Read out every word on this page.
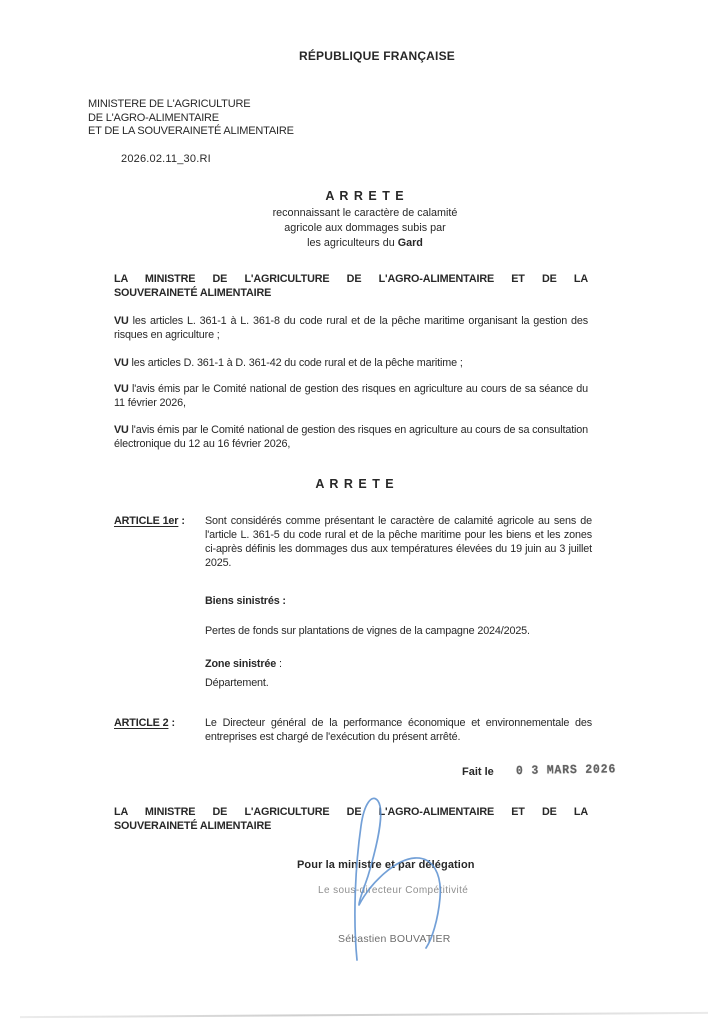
RÉPUBLIQUE FRANÇAISE
MINISTERE DE L'AGRICULTURE
DE L'AGRO-ALIMENTAIRE
ET DE LA SOUVERAINETÉ ALIMENTAIRE
2026.02.11_30.RI
A R R E T E
reconnaissant le caractère de calamité
agricole aux dommages subis par
les agriculteurs du Gard
LA MINISTRE DE L'AGRICULTURE DE L'AGRO-ALIMENTAIRE ET DE LA
SOUVERAINETÉ ALIMENTAIRE
VU les articles L. 361-1 à L. 361-8 du code rural et de la pêche maritime organisant la gestion des risques en agriculture ;
VU les articles D. 361-1 à D. 361-42 du code rural et de la pêche maritime ;
VU l'avis émis par le Comité national de gestion des risques en agriculture au cours de sa séance du 11 février 2026,
VU l'avis émis par le Comité national de gestion des risques en agriculture au cours de sa consultation électronique du 12 au 16 février 2026,
A R R E T E
ARTICLE 1er :	Sont considérés comme présentant le caractère de calamité agricole au sens de l'article L. 361-5 du code rural et de la pêche maritime pour les biens et les zones ci-après définis les dommages dus aux températures élevées du 19 juin au 3 juillet 2025.
Biens sinistrés :
Pertes de fonds sur plantations de vignes de la campagne 2024/2025.
Zone sinistrée :
Département.
ARTICLE 2 :	Le Directeur général de la performance économique et environnementale des entreprises est chargé de l'exécution du présent arrêté.
Fait le 0 3 MARS 2026
LA MINISTRE DE L'AGRICULTURE DE L'AGRO-ALIMENTAIRE ET DE LA
SOUVERAINETÉ ALIMENTAIRE
Pour la ministre et par délégation
Le sous-directeur Compétitivité
Sébastien BOUVATIER
